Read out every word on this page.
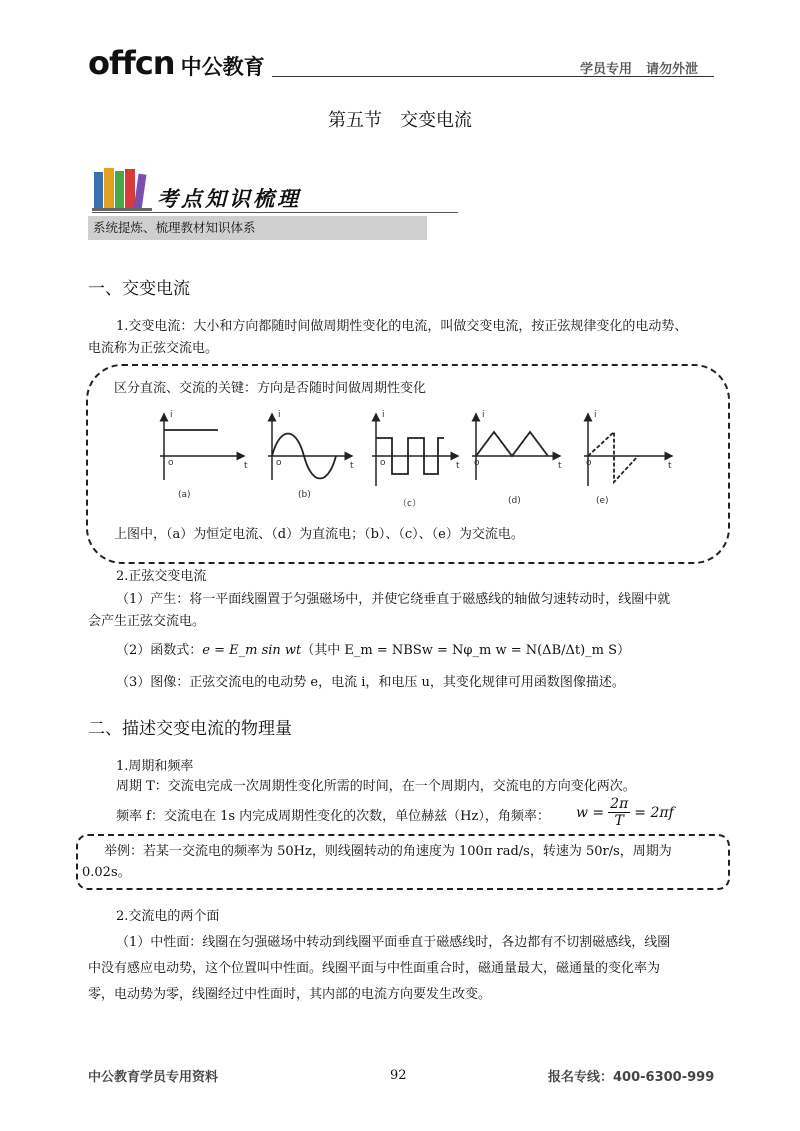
offcn 中公教育	学员专用 请勿外泄
第五节　交变电流
考点知识梳理
系统提炼、梳理教材知识体系
一、交变电流
1.交变电流：大小和方向都随时间做周期性变化的电流，叫做交变电流，按正弦规律变化的电动势、
电流称为正弦交流电。
区分直流、交流的关键：方向是否随时间做周期性变化
i
o	t
i
o	t
i
o	t
i
o	t
i
o	t
(a)	(b)
（c）	(d)	(e)
上图中，（a）为恒定电流、（d）为直流电；（b）、（c）、（e）为交流电。
2.正弦交变电流
（1）产生：将一平面线圈置于匀强磁场中，并使它绕垂直于磁感线的轴做匀速转动时，线圈中就
会产生正弦交流电。
（2）函数式：e = E_m sin wt（其中 E_m = NBSw = Nφ_m w = N(ΔB/Δt)_m S）
（3）图像：正弦交流电的电动势 e，电流 i，和电压 u，其变化规律可用函数图像描述。
二、描述交变电流的物理量
1.周期和频率
周期 T：交流电完成一次周期性变化所需的时间，在一个周期内，交流电的方向变化两次。
频率 f：交流电在 1s 内完成周期性变化的次数，单位赫兹（Hz），角频率： $w = \frac{2\pi}{T} = 2\pi f$
举例：若某一交流电的频率为 50Hz，则线圈转动的角速度为 100π rad/s，转速为 50r/s，周期为
0.02s。
2.交流电的两个面
（1）中性面：线圈在匀强磁场中转动到线圈平面垂直于磁感线时，各边都有不切割磁感线，线圈
中没有感应电动势，这个位置叫中性面。线圈平面与中性面重合时，磁通量最大，磁通量的变化率为
零，电动势为零，线圈经过中性面时，其内部的电流方向要发生改变。
中公教育学员专用资料	92	报名专线：400-6300-999
